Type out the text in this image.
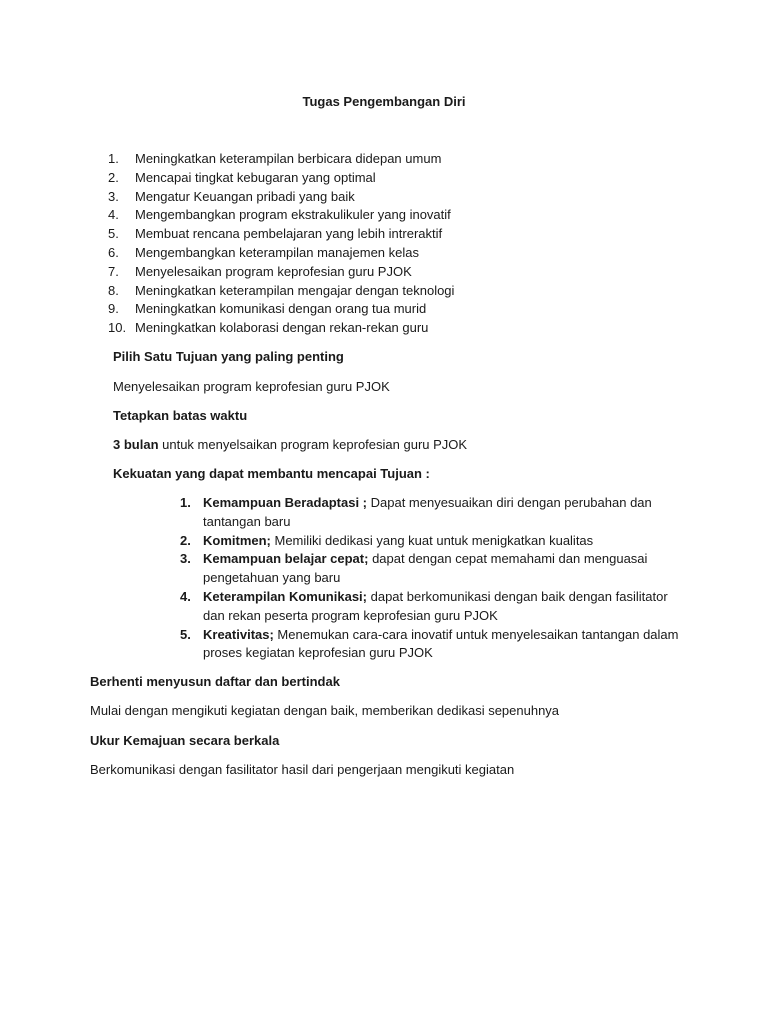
Tugas Pengembangan Diri
1. Meningkatkan keterampilan berbicara didepan umum
2. Mencapai tingkat kebugaran yang optimal
3. Mengatur Keuangan pribadi yang baik
4. Mengembangkan program ekstrakulikuler yang inovatif
5. Membuat rencana pembelajaran yang lebih intreraktif
6. Mengembangkan keterampilan manajemen kelas
7. Menyelesaikan program keprofesian guru PJOK
8. Meningkatkan keterampilan mengajar dengan teknologi
9. Meningkatkan komunikasi dengan orang tua murid
10. Meningkatkan kolaborasi dengan rekan-rekan guru
Pilih Satu Tujuan yang paling penting
Menyelesaikan program keprofesian guru PJOK
Tetapkan batas waktu
3 bulan untuk menyelsaikan program keprofesian guru PJOK
Kekuatan yang dapat membantu mencapai Tujuan :
1. Kemampuan Beradaptasi ; Dapat menyesuaikan diri dengan perubahan dan tantangan baru
2. Komitmen; Memiliki dedikasi yang kuat untuk menigkatkan kualitas
3. Kemampuan belajar cepat; dapat dengan cepat memahami dan menguasai pengetahuan yang baru
4. Keterampilan Komunikasi; dapat berkomunikasi dengan baik dengan fasilitator dan rekan peserta program keprofesian guru PJOK
5. Kreativitas; Menemukan cara-cara inovatif untuk menyelesaikan tantangan dalam proses kegiatan keprofesian guru PJOK
Berhenti menyusun daftar dan bertindak
Mulai dengan mengikuti kegiatan dengan baik, memberikan dedikasi sepenuhnya
Ukur Kemajuan secara berkala
Berkomunikasi dengan fasilitator hasil dari pengerjaan mengikuti kegiatan
